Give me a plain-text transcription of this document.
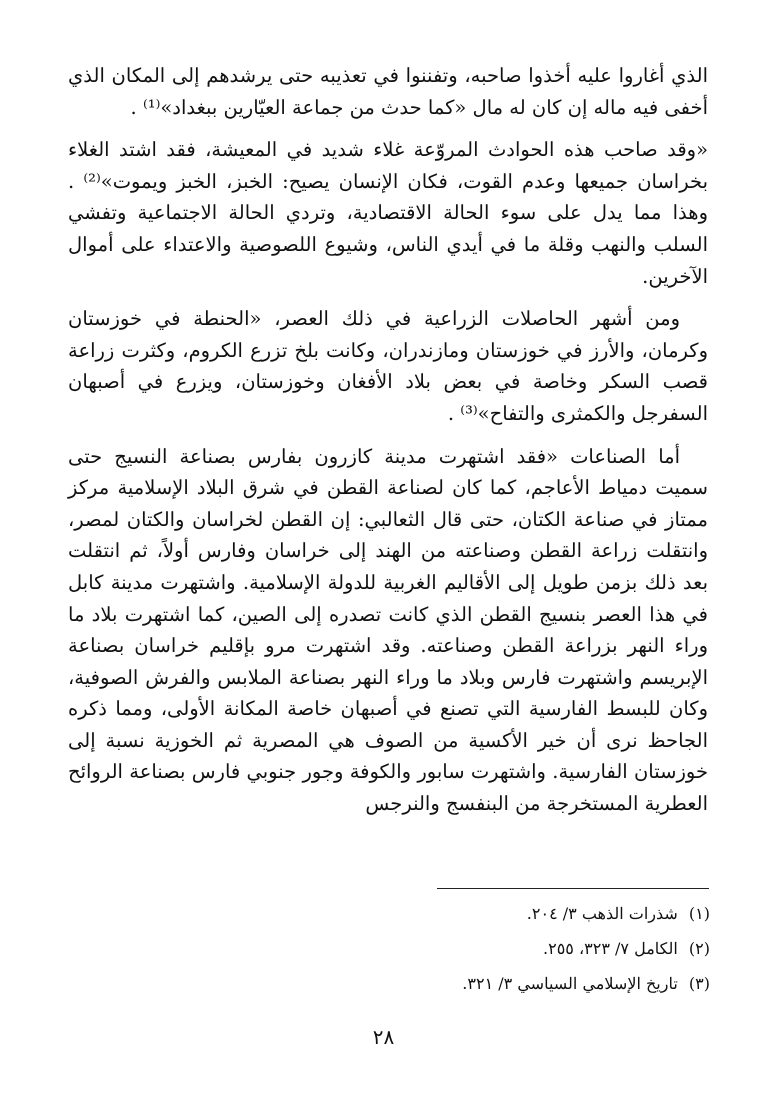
الذي أغاروا عليه أخذوا صاحبه، وتفننوا في تعذيبه حتى يرشدهم إلى المكان الذي أخفى فيه ماله إن كان له مال «كما حدث من جماعة العيّارين ببغداد»⁽¹⁾ .

«وقد صاحب هذه الحوادث المروّعة غلاء شديد في المعيشة، فقد اشتد الغلاء بخراسان جميعها وعدم القوت، فكان الإنسان يصيح: الخبز، الخبز ويموت»⁽²⁾ . وهذا مما يدل على سوء الحالة الاقتصادية، وتردي الحالة الاجتماعية وتفشي السلب والنهب وقلة ما في أيدي الناس، وشيوع اللصوصية والاعتداء على أموال الآخرين.

ومن أشهر الحاصلات الزراعية في ذلك العصر، «الحنطة في خوزستان وكرمان، والأرز في خوزستان ومازندران، وكانت بلخ تزرع الكروم، وكثرت زراعة قصب السكر وخاصة في بعض بلاد الأفغان وخوزستان، ويزرع في أصبهان السفرجل والكمثرى والتفاح»⁽³⁾ .

أما الصناعات «فقد اشتهرت مدينة كازرون بفارس بصناعة النسيج حتى سميت دمياط الأعاجم، كما كان لصناعة القطن في شرق البلاد الإسلامية مركز ممتاز في صناعة الكتان، حتى قال الثعالبي: إن القطن لخراسان والكتان لمصر، وانتقلت زراعة القطن وصناعته من الهند إلى خراسان وفارس أولاً، ثم انتقلت بعد ذلك بزمن طويل إلى الأقاليم الغربية للدولة الإسلامية. واشتهرت مدينة كابل في هذا العصر بنسيج القطن الذي كانت تصدره إلى الصين، كما اشتهرت بلاد ما وراء النهر بزراعة القطن وصناعته. وقد اشتهرت مرو بإقليم خراسان بصناعة الإبريسم واشتهرت فارس وبلاد ما وراء النهر بصناعة الملابس والفرش الصوفية، وكان للبسط الفارسية التي تصنع في أصبهان خاصة المكانة الأولى، ومما ذكره الجاحظ نرى أن خير الأكسية من الصوف هي المصرية ثم الخوزية نسبة إلى خوزستان الفارسية. واشتهرت سابور والكوفة وجور جنوبي فارس بصناعة الروائح العطرية المستخرجة من البنفسج والنرجس

(١) شذرات الذهب ٣/ ٢٠٤.
(٢) الكامل ٧/ ٣٢٣، ٢٥٥.
(٣) تاريخ الإسلامي السياسي ٣/ ٣٢١.
٢٨
